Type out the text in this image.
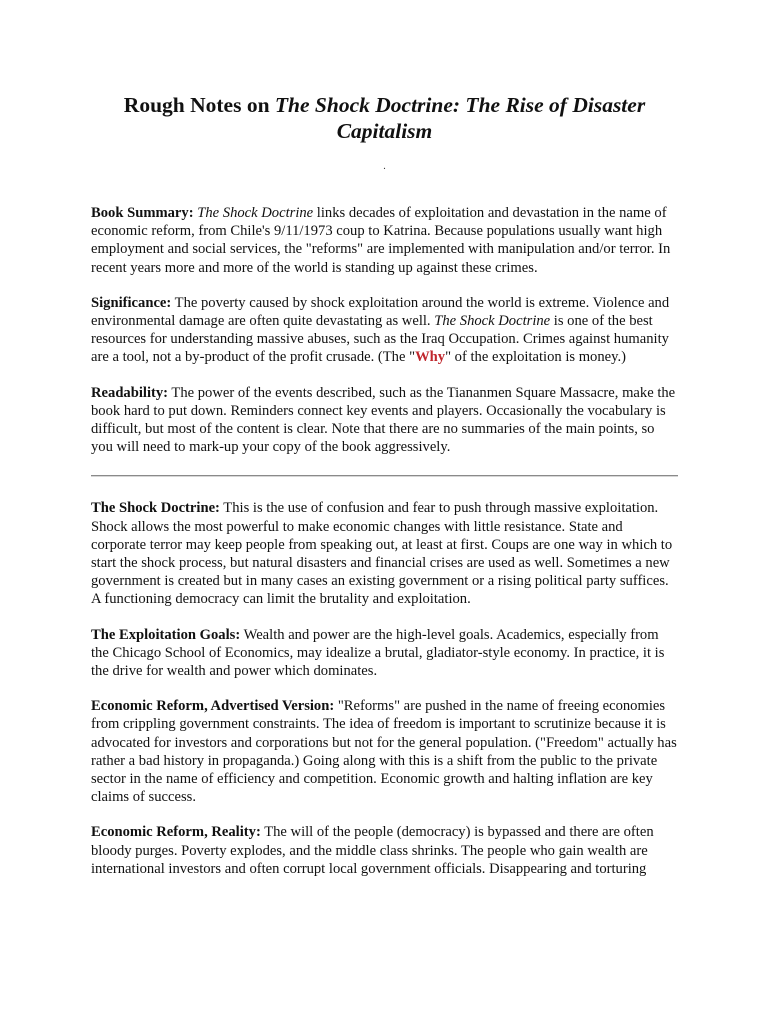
Rough Notes on The Shock Doctrine: The Rise of Disaster Capitalism
.

Book Summary: The Shock Doctrine links decades of exploitation and devastation in the name of economic reform, from Chile's 9/11/1973 coup to Katrina. Because populations usually want high employment and social services, the "reforms" are implemented with manipulation and/or terror. In recent years more and more of the world is standing up against these crimes.

Significance: The poverty caused by shock exploitation around the world is extreme. Violence and environmental damage are often quite devastating as well. The Shock Doctrine is one of the best resources for understanding massive abuses, such as the Iraq Occupation. Crimes against humanity are a tool, not a by-product of the profit crusade. (The "Why" of the exploitation is money.)

Readability: The power of the events described, such as the Tiananmen Square Massacre, make the book hard to put down. Reminders connect key events and players. Occasionally the vocabulary is difficult, but most of the content is clear. Note that there are no summaries of the main points, so you will need to mark-up your copy of the book aggressively.

The Shock Doctrine: This is the use of confusion and fear to push through massive exploitation. Shock allows the most powerful to make economic changes with little resistance. State and corporate terror may keep people from speaking out, at least at first. Coups are one way in which to start the shock process, but natural disasters and financial crises are used as well. Sometimes a new government is created but in many cases an existing government or a rising political party suffices. A functioning democracy can limit the brutality and exploitation.

The Exploitation Goals: Wealth and power are the high-level goals. Academics, especially from the Chicago School of Economics, may idealize a brutal, gladiator-style economy. In practice, it is the drive for wealth and power which dominates.

Economic Reform, Advertised Version: "Reforms" are pushed in the name of freeing economies from crippling government constraints. The idea of freedom is important to scrutinize because it is advocated for investors and corporations but not for the general population. ("Freedom" actually has rather a bad history in propaganda.) Going along with this is a shift from the public to the private sector in the name of efficiency and competition. Economic growth and halting inflation are key claims of success.

Economic Reform, Reality: The will of the people (democracy) is bypassed and there are often bloody purges. Poverty explodes, and the middle class shrinks. The people who gain wealth are international investors and often corrupt local government officials. Disappearing and torturing
